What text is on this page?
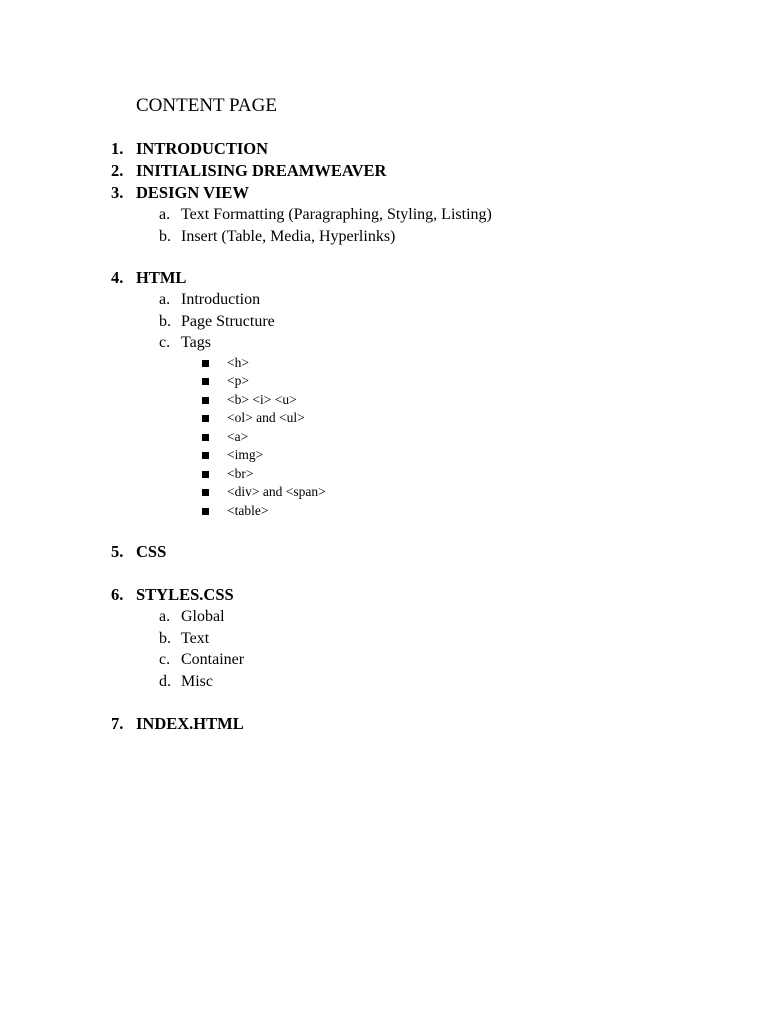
CONTENT PAGE
1. INTRODUCTION
2. INITIALISING DREAMWEAVER
3. DESIGN VIEW
a. Text Formatting (Paragraphing, Styling, Listing)
b. Insert (Table, Media, Hyperlinks)
4. HTML
a. Introduction
b. Page Structure
c. Tags
<h>
<p>
<b> <i> <u>
<ol> and <ul>
<a>
<img>
<br>
<div> and <span>
<table>
5. CSS
6. STYLES.CSS
a. Global
b. Text
c. Container
d. Misc
7. INDEX.HTML
